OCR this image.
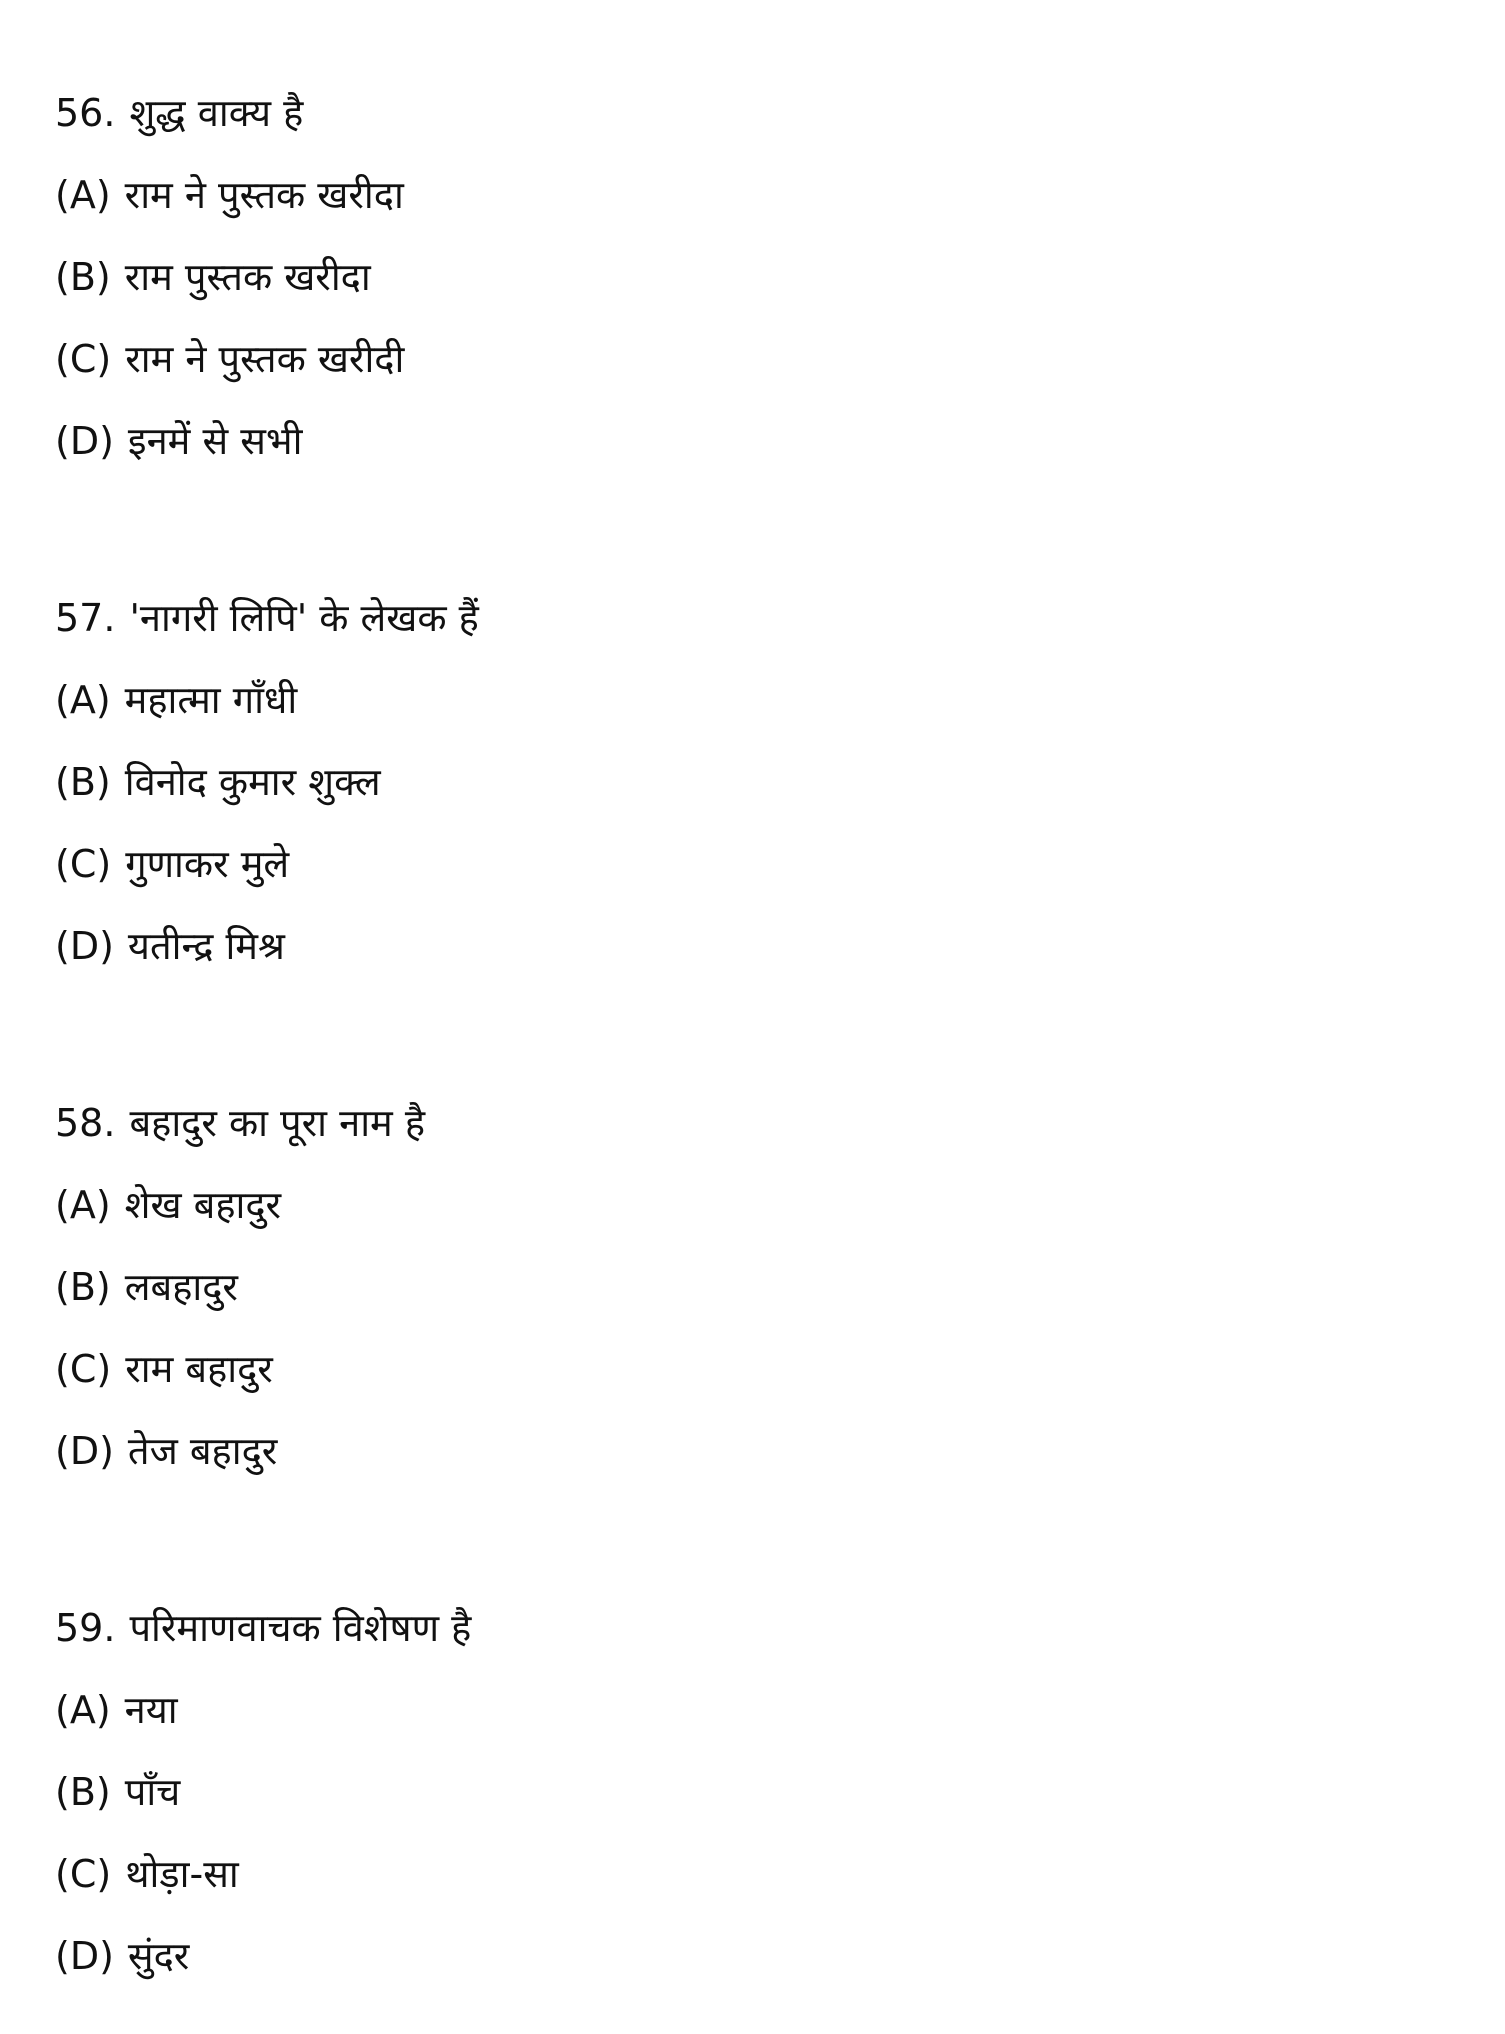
56. शुद्ध वाक्य है
(A) राम ने पुस्तक खरीदा
(B) राम पुस्तक खरीदा
(C) राम ने पुस्तक खरीदी
(D) इनमें से सभी
57. 'नागरी लिपि' के लेखक हैं
(A) महात्मा गाँधी
(B) विनोद कुमार शुक्ल
(C) गुणाकर मुले
(D) यतीन्द्र मिश्र
58. बहादुर का पूरा नाम है
(A) शेख बहादुर
(B) लबहादुर
(C) राम बहादुर
(D) तेज बहादुर
59. परिमाणवाचक विशेषण है
(A) नया
(B) पाँच
(C) थोड़ा-सा
(D) सुंदर
